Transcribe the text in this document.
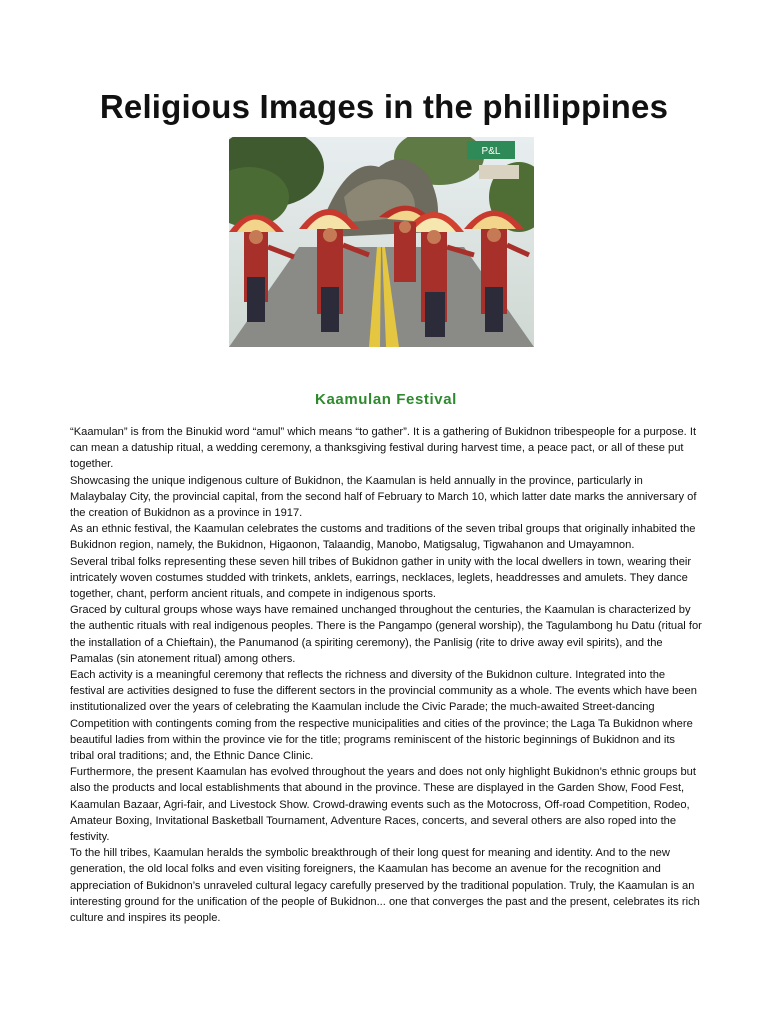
Religious Images in the phillippines
P&L
Kaamulan Festival

“Kaamulan” is from the Binukid word “amul” which means “to gather”. It is a gathering of Bukidnon tribespeople for a purpose. It can mean a datuship ritual, a wedding ceremony, a thanksgiving festival during harvest time, a peace pact, or all of these put together.

Showcasing the unique indigenous culture of Bukidnon, the Kaamulan is held annually in the province, particularly in Malaybalay City, the provincial capital, from the second half of February to March 10, which latter date marks the anniversary of the creation of Bukidnon as a province in 1917.

As an ethnic festival, the Kaamulan celebrates the customs and traditions of the seven tribal groups that originally inhabited the Bukidnon region, namely, the Bukidnon, Higaonon, Talaandig, Manobo, Matigsalug, Tigwahanon and Umayamnon.

Several tribal folks representing these seven hill tribes of Bukidnon gather in unity with the local dwellers in town, wearing their intricately woven costumes studded with trinkets, anklets, earrings, necklaces, leglets, headdresses and amulets. They dance together, chant, perform ancient rituals, and compete in indigenous sports.

Graced by cultural groups whose ways have remained unchanged throughout the centuries, the Kaamulan is characterized by the authentic rituals with real indigenous peoples. There is the Pangampo (general worship), the Tagulambong hu Datu (ritual for the installation of a Chieftain), the Panumanod (a spiriting ceremony), the Panlisig (rite to drive away evil spirits), and the Pamalas (sin atonement ritual) among others.

Each activity is a meaningful ceremony that reflects the richness and diversity of the Bukidnon culture. Integrated into the festival are activities designed to fuse the different sectors in the provincial community as a whole. The events which have been institutionalized over the years of celebrating the Kaamulan include the Civic Parade; the much-awaited Street-dancing Competition with contingents coming from the respective municipalities and cities of the province; the Laga Ta Bukidnon where beautiful ladies from within the province vie for the title; programs reminiscent of the historic beginnings of Bukidnon and its tribal oral traditions; and, the Ethnic Dance Clinic.

Furthermore, the present Kaamulan has evolved throughout the years and does not only highlight Bukidnon’s ethnic groups but also the products and local establishments that abound in the province. These are displayed in the Garden Show, Food Fest, Kaamulan Bazaar, Agri-fair, and Livestock Show. Crowd-drawing events such as the Motocross, Off-road Competition, Rodeo, Amateur Boxing, Invitational Basketball Tournament, Adventure Races, concerts, and several others are also roped into the festivity.

To the hill tribes, Kaamulan heralds the symbolic breakthrough of their long quest for meaning and identity. And to the new generation, the old local folks and even visiting foreigners, the Kaamulan has become an avenue for the recognition and appreciation of Bukidnon’s unraveled cultural legacy carefully preserved by the traditional population. Truly, the Kaamulan is an interesting ground for the unification of the people of Bukidnon... one that converges the past and the present, celebrates its rich culture and inspires its people.
